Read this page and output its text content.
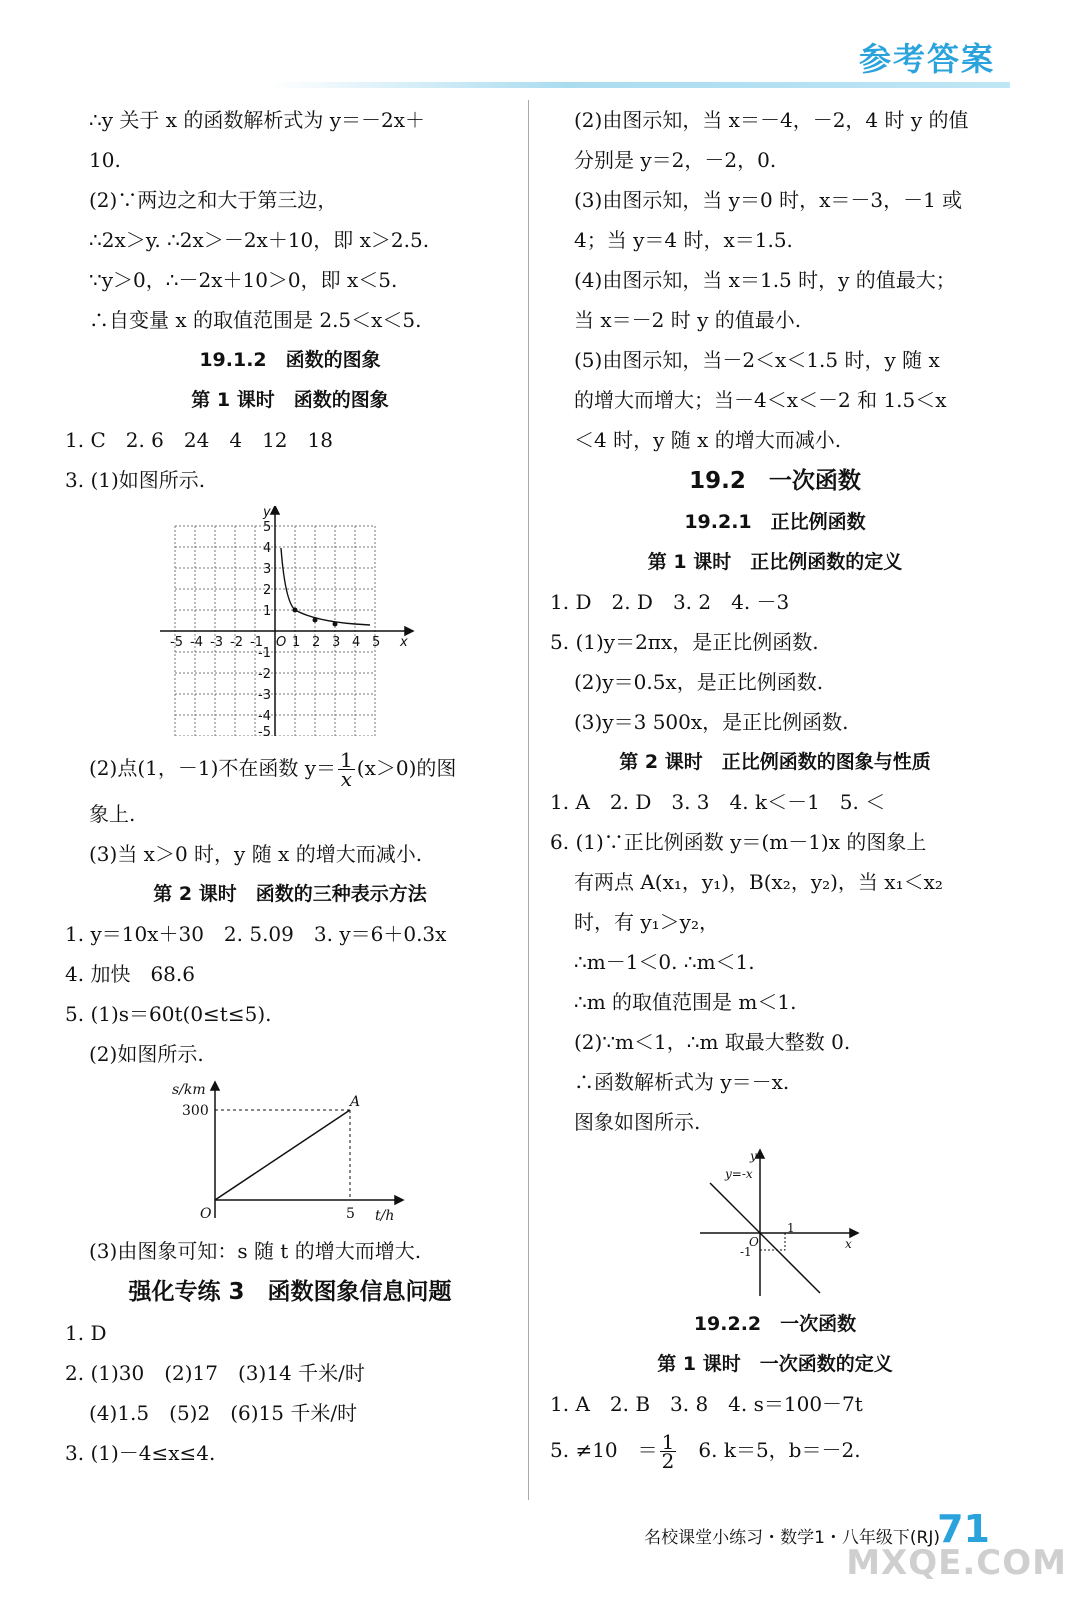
参考答案
∴y 关于 x 的函数解析式为 y＝－2x＋
10.
(2)∵两边之和大于第三边，
∴2x＞y. ∴2x＞－2x＋10，即 x＞2.5.
∵y＞0，∴－2x＋10＞0，即 x＜5.
∴自变量 x 的取值范围是 2.5＜x＜5.
19.1.2　函数的图象
第 1 课时　函数的图象
1. C　2. 6　24　4　12　18
3. (1)如图所示.
y
x
O
-5 -4 -3 -2 -1 1 2 3 4 5
1
2
3
4
5
-1
-2
-3
-4
-5
(2)点(1，－1)不在函数 $y= \frac{1}{x} (x>0)$的图
象上.
(3)当 x＞0 时，y 随 x 的增大而减小.
第 2 课时　函数的三种表示方法
1. y＝10x＋30　2. 5.09　3. y＝6＋0.3x
4. 加快　68.6
5. (1)s＝60t(0≤t≤5).
(2)如图所示.
s/km
t/h
O
300
5
A
(3)由图象可知：s 随 t 的增大而增大.
强化专练 3　函数图象信息问题
1. D
2. (1)30　(2)17　(3)14 千米/时
(4)1.5　(5)2　(6)15 千米/时
3. (1)－4≤x≤4.
(2)由图示知，当 x＝－4，－2，4 时 y 的值
分别是 y＝2，－2，0.
(3)由图示知，当 y＝0 时，x＝－3，－1 或
4；当 y＝4 时，x＝1.5.
(4)由图示知，当 x＝1.5 时，y 的值最大；
当 x＝－2 时 y 的值最小.
(5)由图示知，当－2＜x＜1.5 时，y 随 x
的增大而增大；当－4＜x＜－2 和 1.5＜x
＜4 时，y 随 x 的增大而减小.
19.2　一次函数
19.2.1　正比例函数
第 1 课时　正比例函数的定义
1. D　2. D　3. 2　4. －3
5. (1)y＝2πx，是正比例函数.
(2)y＝0.5x，是正比例函数.
(3)y＝3 500x，是正比例函数.
第 2 课时　正比例函数的图象与性质
1. A　2. D　3. 3　4. k＜－1　5. ＜
6. (1)∵正比例函数 y＝(m－1)x 的图象上
有两点 A(x₁，y₁)，B(x₂，y₂)，当 x₁＜x₂
时，有 y₁＞y₂，
∴m－1＜0. ∴m＜1.
∴m 的取值范围是 m＜1.
(2)∵m＜1，∴m 取最大整数 0.
∴函数解析式为 y＝－x.
图象如图所示.
y
x
O
y=-x
1
-1
19.2.2　一次函数
第 1 课时　一次函数的定义
1. A　2. B　3. 8　4. s＝100－7t
5. ≠10　＝ $\frac{1}{2}$ 　6. k＝5，b＝－2.
名校课堂小练习・数学1・八年级下(RJ)
71
MXQE.COM
